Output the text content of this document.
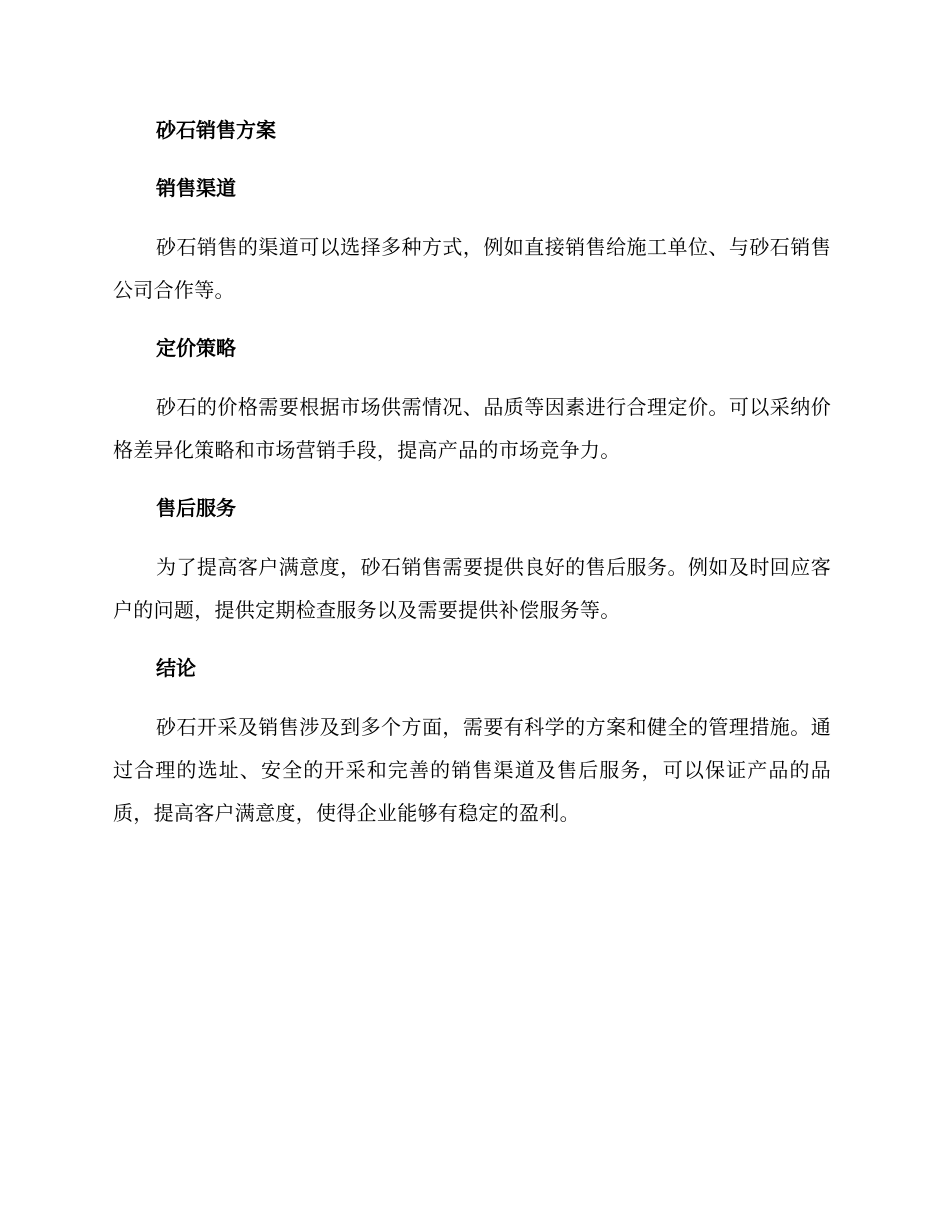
砂石销售方案
销售渠道
砂石销售的渠道可以选择多种方式，例如直接销售给施工单位、与砂石销售公司合作等。
定价策略
砂石的价格需要根据市场供需情况、品质等因素进行合理定价。可以采纳价格差异化策略和市场营销手段，提高产品的市场竞争力。
售后服务
为了提高客户满意度，砂石销售需要提供良好的售后服务。例如及时回应客户的问题，提供定期检查服务以及需要提供补偿服务等。
结论
砂石开采及销售涉及到多个方面，需要有科学的方案和健全的管理措施。通过合理的选址、安全的开采和完善的销售渠道及售后服务，可以保证产品的品质，提高客户满意度，使得企业能够有稳定的盈利。
